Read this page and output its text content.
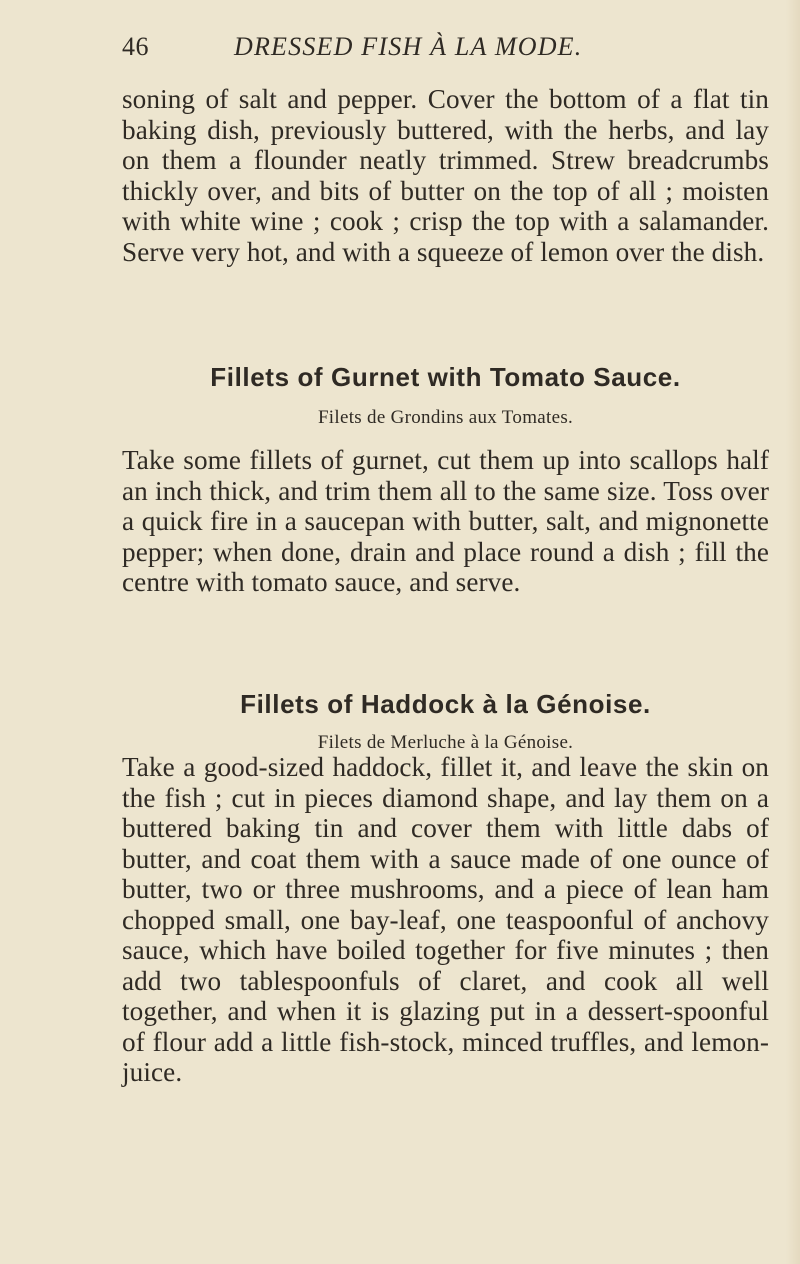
46	DRESSED FISH À LA MODE.

soning of salt and pepper. Cover the bottom of a flat tin baking dish, previously buttered, with the herbs, and lay on them a flounder neatly trimmed. Strew breadcrumbs thickly over, and bits of butter on the top of all ; moisten with white wine ; cook ; crisp the top with a salamander. Serve very hot, and with a squeeze of lemon over the dish.

Fillets of Gurnet with Tomato Sauce.
Filets de Grondins aux Tomates.

Take some fillets of gurnet, cut them up into scallops half an inch thick, and trim them all to the same size. Toss over a quick fire in a saucepan with butter, salt, and mignonette pepper; when done, drain and place round a dish ; fill the centre with tomato sauce, and serve.

Fillets of Haddock à la Génoise.
Filets de Merluche à la Génoise.

Take a good-sized haddock, fillet it, and leave the skin on the fish ; cut in pieces diamond shape, and lay them on a buttered baking tin and cover them with little dabs of butter, and coat them with a sauce made of one ounce of butter, two or three mushrooms, and a piece of lean ham chopped small, one bay-leaf, one teaspoonful of anchovy sauce, which have boiled together for five minutes ; then add two tablespoonfuls of claret, and cook all well together, and when it is glazing put in a dessert-spoonful of flour add a little fish-stock, minced truffles, and lemon-juice.
